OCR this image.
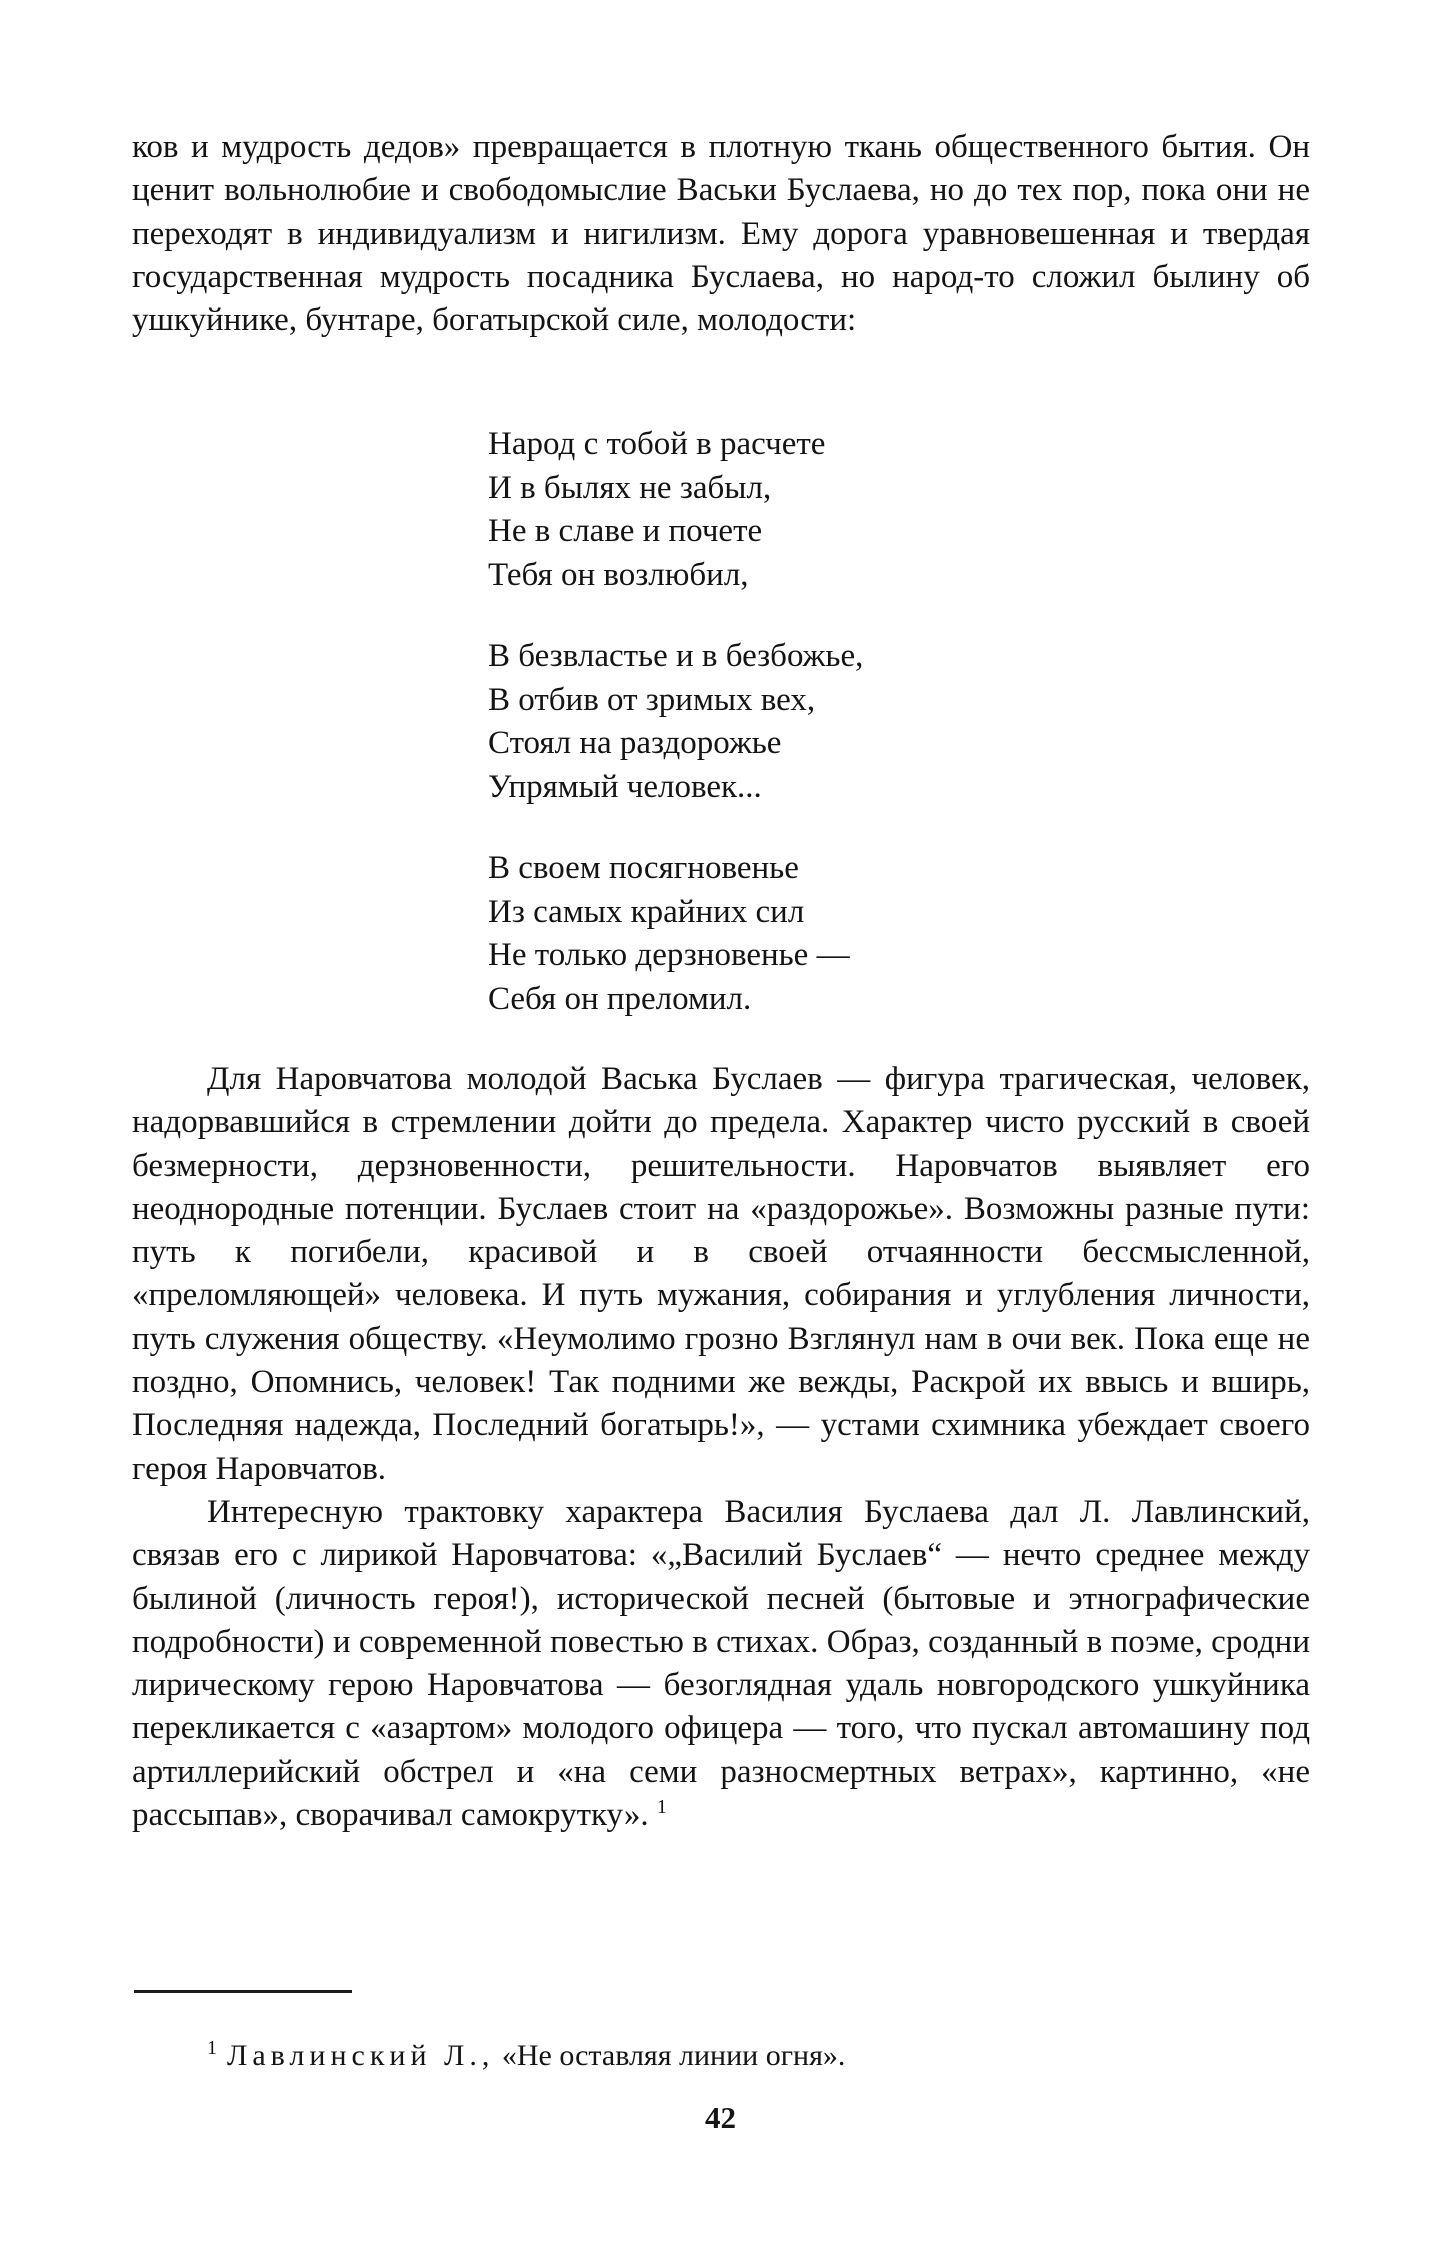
ков и мудрость дедов» превращается в плотную ткань общественного бытия. Он ценит вольнолюбие и свободомыслие Васьки Буслаева, но до тех пор, пока они не переходят в индивидуализм и нигилизм. Ему дорога уравновешенная и твердая государственная мудрость посадника Буслаева, но народ-то сложил былину об ушкуйнике, бунтаре, богатырской силе, молодости:

Народ с тобой в расчете
И в былях не забыл,
Не в славе и почете
Тебя он возлюбил,
В безвластье и в безбожье,
В отбив от зримых вех,
Стоял на раздорожье
Упрямый человек...
В своем посягновенье
Из самых крайних сил
Не только дерзновенье —
Себя он преломил.

Для Наровчатова молодой Васька Буслаев — фигура трагическая, человек, надорвавшийся в стремлении дойти до предела. Характер чисто русский в своей безмерности, дерзновенности, решительности. Наровчатов выявляет его неоднородные потенции. Буслаев стоит на «раздорожье». Возможны разные пути: путь к погибели, красивой и в своей отчаянности бессмысленной, «преломляющей» человека. И путь мужания, собирания и углубления личности, путь служения обществу. «Неумолимо грозно Взглянул нам в очи век. Пока еще не поздно, Опомнись, человек! Так подними же вежды, Раскрой их ввысь и вширь, Последняя надежда, Последний богатырь!», — устами схимника убеждает своего героя Наровчатов.

Интересную трактовку характера Василия Буслаева дал Л. Лавлинский, связав его с лирикой Наровчатова: «„Василий Буслаев“ — нечто среднее между былиной (личность героя!), исторической песней (бытовые и этнографические подробности) и современной повестью в стихах. Образ, созданный в поэме, сродни лирическому герою Наровчатова — безоглядная удаль новгородского ушкуйника перекликается с «азартом» молодого офицера — того, что пускал автомашину под артиллерийский обстрел и «на семи разносмертных ветрах», картинно, «не рассыпав», сворачивал самокрутку». $^1$

$^1$ Лавлинский Л., «Не оставляя линии огня».
42
